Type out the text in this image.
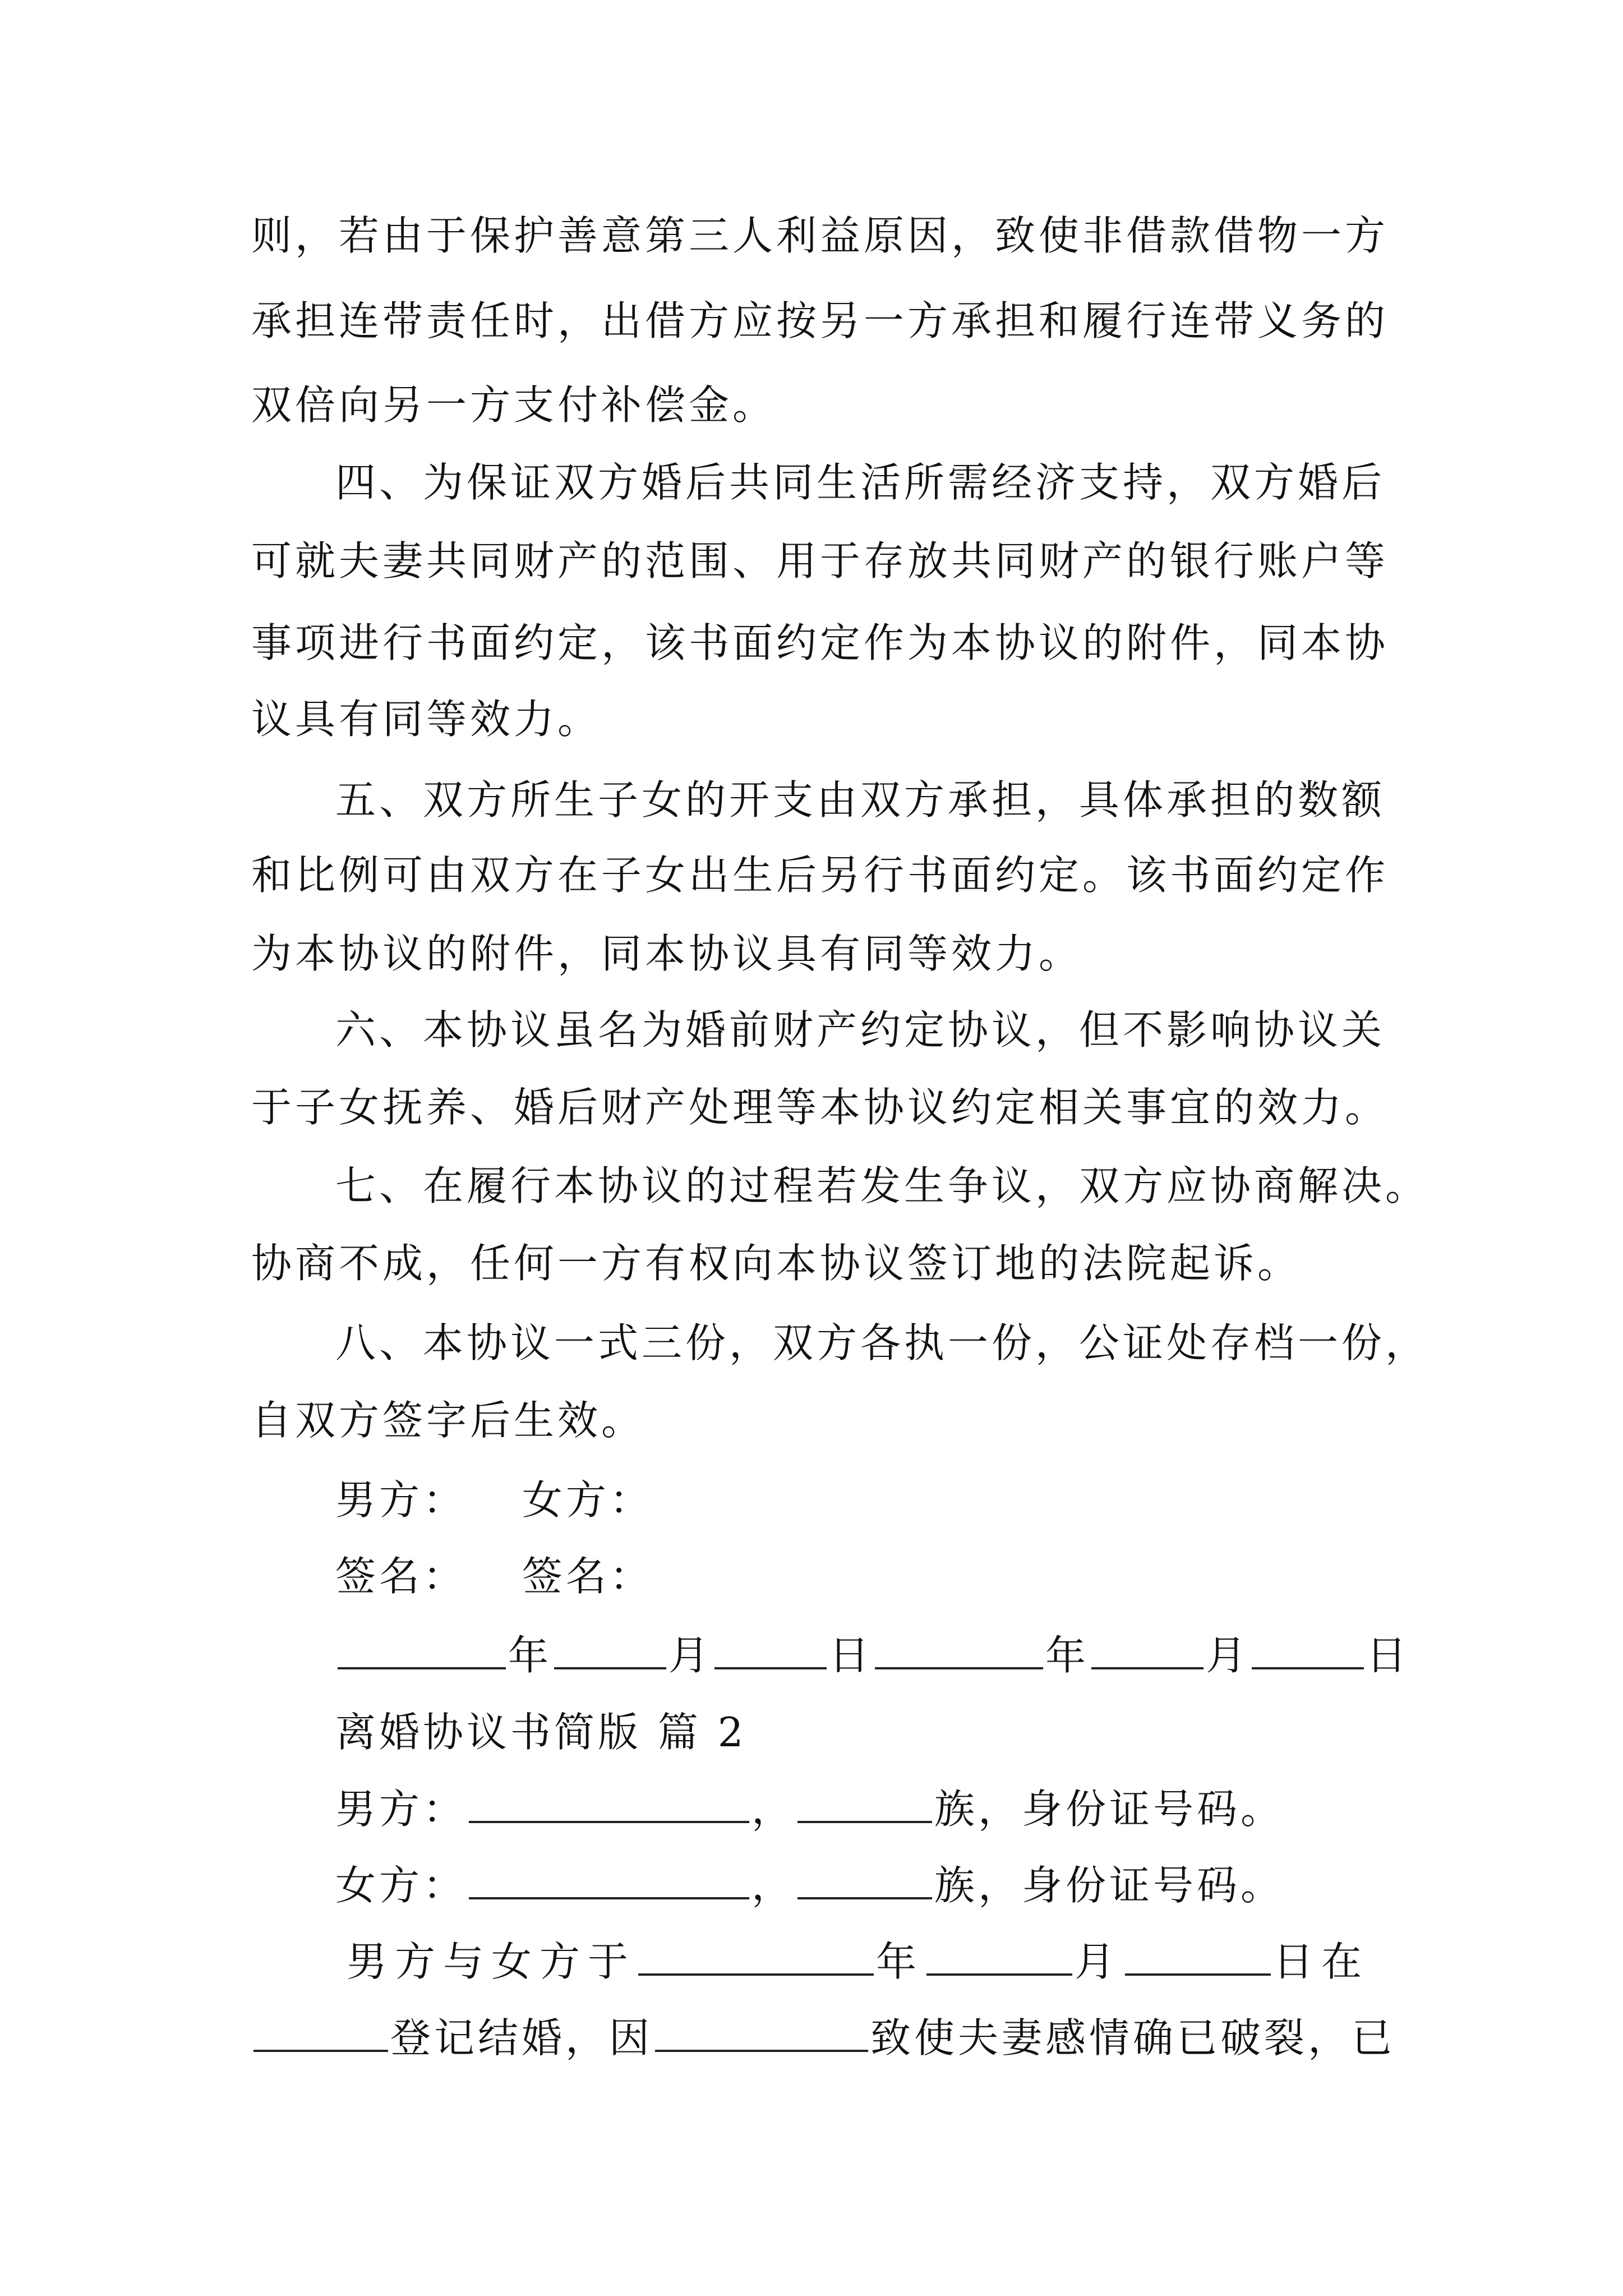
则，若由于保护善意第三人利益原因，致使非借款借物一方
承担连带责任时，出借方应按另一方承担和履行连带义务的
双倍向另一方支付补偿金。
四、为保证双方婚后共同生活所需经济支持，双方婚后
可就夫妻共同财产的范围、用于存放共同财产的银行账户等
事项进行书面约定，该书面约定作为本协议的附件，同本协
议具有同等效力。
五、双方所生子女的开支由双方承担，具体承担的数额
和比例可由双方在子女出生后另行书面约定。该书面约定作
为本协议的附件，同本协议具有同等效力。
六、本协议虽名为婚前财产约定协议，但不影响协议关
于子女抚养、婚后财产处理等本协议约定相关事宜的效力。
七、在履行本协议的过程若发生争议，双方应协商解决。
协商不成，任何一方有权向本协议签订地的法院起诉。
八、本协议一式三份，双方各执一份，公证处存档一份，
自双方签字后生效。
男方： 女方：
签名： 签名：
年	月	日	年	月	日
离婚协议书简版 篇 2
男方：	，	族，身份证号码。
女方：	，	族，身份证号码。
男方与女方于	年	月	日在
登记结婚，因	致使夫妻感情确已破裂，已
